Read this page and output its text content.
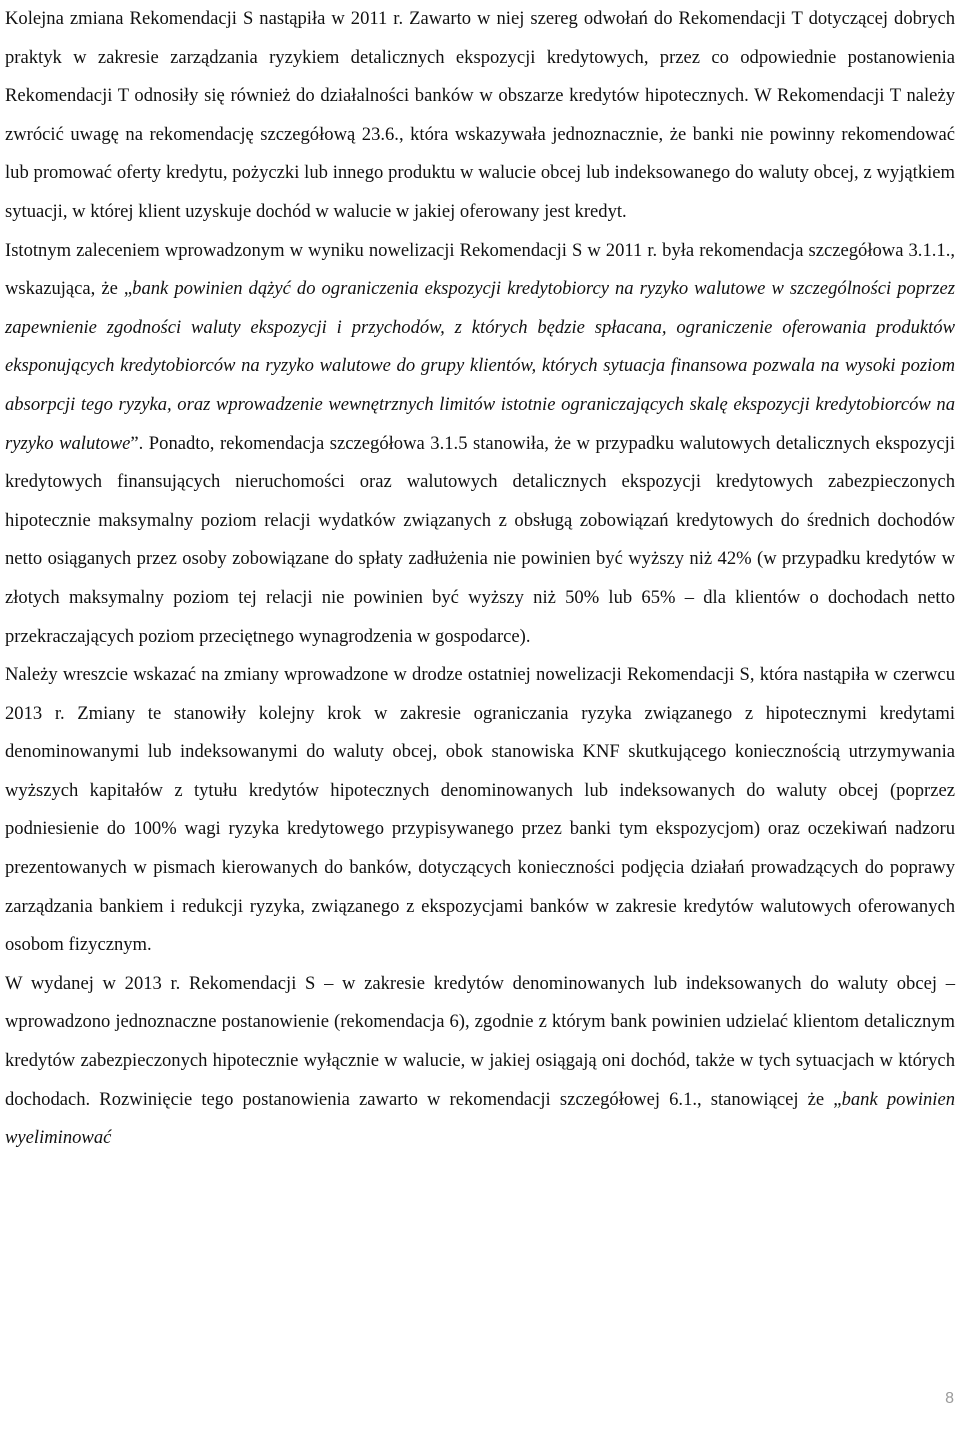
Kolejna zmiana Rekomendacji S nastąpiła w 2011 r. Zawarto w niej szereg odwołań do Rekomendacji T dotyczącej dobrych praktyk w zakresie zarządzania ryzykiem detalicznych ekspozycji kredytowych, przez co odpowiednie postanowienia Rekomendacji T odnosiły się również do działalności banków w obszarze kredytów hipotecznych. W Rekomendacji T należy zwrócić uwagę na rekomendację szczegółową 23.6., która wskazywała jednoznacznie, że banki nie powinny rekomendować lub promować oferty kredytu, pożyczki lub innego produktu w walucie obcej lub indeksowanego do waluty obcej, z wyjątkiem sytuacji, w której klient uzyskuje dochód w walucie w jakiej oferowany jest kredyt.

Istotnym zaleceniem wprowadzonym w wyniku nowelizacji Rekomendacji S w 2011 r. była rekomendacja szczegółowa 3.1.1., wskazująca, że „bank powinien dążyć do ograniczenia ekspozycji kredytobiorcy na ryzyko walutowe w szczególności poprzez zapewnienie zgodności waluty ekspozycji i przychodów, z których będzie spłacana, ograniczenie oferowania produktów eksponujących kredytobiorców na ryzyko walutowe do grupy klientów, których sytuacja finansowa pozwala na wysoki poziom absorpcji tego ryzyka, oraz wprowadzenie wewnętrznych limitów istotnie ograniczających skalę ekspozycji kredytobiorców na ryzyko walutowe”. Ponadto, rekomendacja szczegółowa 3.1.5 stanowiła, że w przypadku walutowych detalicznych ekspozycji kredytowych finansujących nieruchomości oraz walutowych detalicznych ekspozycji kredytowych zabezpieczonych hipotecznie maksymalny poziom relacji wydatków związanych z obsługą zobowiązań kredytowych do średnich dochodów netto osiąganych przez osoby zobowiązane do spłaty zadłużenia nie powinien być wyższy niż 42% (w przypadku kredytów w złotych maksymalny poziom tej relacji nie powinien być wyższy niż 50% lub 65% – dla klientów o dochodach netto przekraczających poziom przeciętnego wynagrodzenia w gospodarce).

Należy wreszcie wskazać na zmiany wprowadzone w drodze ostatniej nowelizacji Rekomendacji S, która nastąpiła w czerwcu 2013 r. Zmiany te stanowiły kolejny krok w zakresie ograniczania ryzyka związanego z hipotecznymi kredytami denominowanymi lub indeksowanymi do waluty obcej, obok stanowiska KNF skutkującego koniecznością utrzymywania wyższych kapitałów z tytułu kredytów hipotecznych denominowanych lub indeksowanych do waluty obcej (poprzez podniesienie do 100% wagi ryzyka kredytowego przypisywanego przez banki tym ekspozycjom) oraz oczekiwań nadzoru prezentowanych w pismach kierowanych do banków, dotyczących konieczności podjęcia działań prowadzących do poprawy zarządzania bankiem i redukcji ryzyka, związanego z ekspozycjami banków w zakresie kredytów walutowych oferowanych osobom fizycznym.

W wydanej w 2013 r. Rekomendacji S – w zakresie kredytów denominowanych lub indeksowanych do waluty obcej – wprowadzono jednoznaczne postanowienie (rekomendacja 6), zgodnie z którym bank powinien udzielać klientom detalicznym kredytów zabezpieczonych hipotecznie wyłącznie w walucie, w jakiej osiągają oni dochód, także w tych sytuacjach w których dochodach. Rozwinięcie tego postanowienia zawarto w rekomendacji szczegółowej 6.1., stanowiącej że „bank powinien wyeliminować

8
